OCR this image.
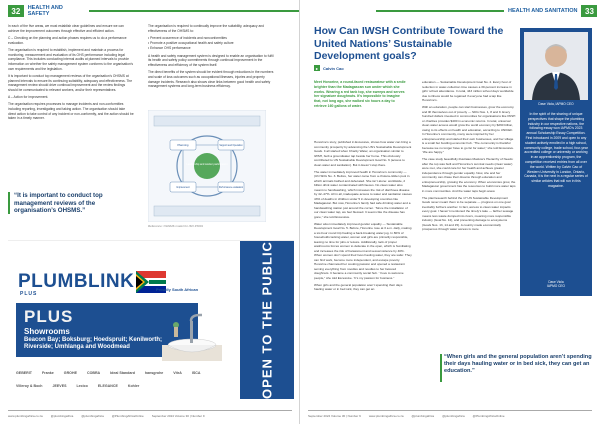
32	HEALTH AND SAFETY

In each of the five areas, we must establish clear guidelines and ensure we can achieve the improvement outcomes through effective and efficient action.

C – Checking on the planning and action phases requires us to do a performance evaluation.

The organisation is required to establish, implement and maintain a process for monitoring, measurement and evaluation of its OHS performance including legal compliance. This includes conducting internal audits at planned intervals to provide information on whether the safety management system conforms to the organisation's own requirements and the legislation.

It is important to conduct top management reviews of the organisation's OHSMS at planned intervals to ensure its continuing suitability, adequacy and effectiveness. The management review should drive continual improvement and the review findings should be communicated to relevant workers, and/or their representatives.

A – Action for improvement.

The organisation requires processes to manage incidents and non-conformities including reporting, investigating and taking action. The organisation should take direct action to take control of any incident or non-conformity, and the action should be taken in a timely manner.

“It is important to conduct top management reviews of the organisation’s OHSMS.”

The organisation is required to continually improve the suitability, adequacy and effectiveness of the OHSMS to:

• Prevent occurrence of incidents and nonconformities

• Promote a positive occupational health and safety culture

• Enhance OHS performance

A health and safety management system is designed to enable an organisation to fulfil its health and safety policy commitments through continual improvement in the effectiveness and efficiency of the system itself.

The direct benefits of the system should be evident through reductions in the numbers and scale of loss outcomes such as occupational illnesses, injuries and property damage incidents. Research also shows clear links between good health and safety management systems and long-term business efficiency.

Leadership and worker participation
Planning	Support and Operation
Improvement	Performance evaluation
Reference: OHSMS model for ISO 45001
PLUMBLINK
PLUS
Proudly South African
PLUS
Showrooms
Beacon Bay; Boksburg; Hoedspruit; Kenilworth; Riverside; Umhlanga and Woodmead	OPEN TO THE PUBLIC
GEBERIT	Franke	GROHE	COBRA	Ideal Standard	hansgrohe	VitrA	ISCA
Villeroy & Boch	JEEVES	Lecico	ELEGANCE	Kohler
www.plumbingafrica.co.za	@plumbingafrica	@plumbingafrica	@PlumbingAfricaOnline	September 2024 Volume 30 | Number 9
HEALTH AND SANITATION 33
How Can IWSH Contribute Toward the United Nations’ Sustainable Development goals?
▸	Calvin Cao
Meet Honorine, a round-faced restaurateur with a smile brighter than the Madagascan sun under which she works. Wearing a red tank top, she sweeps and serves her signature doughnuts. It’s impossible to imagine that, not long ago, she walked six hours a day to retrieve 160 gallons of water.

Honorine’s story, published in Excessive, shows how water can bring a community prosperity by advancing the UN’s Sustainable Development Goals. It all started when Charity Water, an organisation similar to IWSH, built a groundwater tap beside her home. This obviously contributed to UN Sustainable Development Goal No. 6 (access to clean water and sanitation). But it doesn’t stop there.

The water immediately improved health in Honorine’s community — (UN SDG No. 3. Before, her water came from a cholera-ridden pool in which animals bathed and defecated. She isn’t alone: worldwide, 2 billion drink water contaminated with faeces. No clean water also meant no handwashing, which increases the risk of diarrhoea disease by 42–47%. All in all, inadequate access to water and sanitation causes 43% of deaths in children under 5 in developing countries like Madagascar. But now, Honorine’s family had safe drinking water and a handwashing station just around the corner. “Since the installation of our clean water tap, we feel blessed. It seems like the disease has gone,” she told Excessive.

Water also immediately improved gender equality — Sustainable Development Goal No. 5. Before, Honorine rose at 3 a.m. daily, making a six-hour round trip hauling a back-breaking water jug. In 80% of households lacking water, women and girls are primarily responsible, leaving no time for jobs or leisure. Additionally, lack of proper washrooms forces women to defecate in the open, which is humiliating and increases the risk of harassment and sexual violence by 40%. When women don’t spend their lives hauling water, they are safer. They can find work, become more independent, and escape poverty. Honorine channeled her cooking passion and opened a restaurant serving everything from noodles and noodles to her beloved doughnuts. It became a community social hub. “I love to welcome people,” she told Excessive. “It’s my passion for business.”

When girls and the general population aren’t spending their days hauling water or in bed sick, they can get an

education — Sustainable Development Goal No. 4. Every hour of reduction in water-collection time causes a 30-percent increase in girls’ school attendance. In total, 443 million school days worldwide due to illness would be regained if everyone had a tap like Honorine’s.

With an education, people can start businesses, grow the economy and lift themselves out of poverty — SDG Nos. 1, 8 and 9. Every hundred dollars invested in communities for organisations like IWSH or charities provides $400 in economic returns. In total, universal clean water access would grow the world economy by $260 billion, owing to its effects on health and education, according to UNICEF. In Honorine’s community, many were inspired by her entrepreneurship and started their own businesses, and her village is a small but bustling economic hub. “The community is thankful because we no longer have to go far for water,” she told Excessive. “We are happy.”

The case study beautifully illustrates Maslow’s Hierarchy of Needs: after the top was built and Honorine’s survival needs (clean water) were met, she could care for her health and achieve greater independence through gender equality. Now, she and her community can chase their dreams through education and entrepreneurship, growing the economy. When economies grow, the Madagascar government has the resources to build more water taps in more communities. And the water taps begin anew.

The plan/research behind the 17 UN Sustainable Development Goals never meant them to be separate — progress on one goal inevitably furthers another. In fact, access to clean water impacts every goal. I haven’t mentioned the timely’s take — farther sewage means less waste dumped into rivers, meaning more responsible industry (Goal No. 12), and preventing damage to ecosystems (Goals Nos. 13, 14 and 15). A country made economically prosperous through water access is more

Dave Viola, IAPMO CEO
In the spirit of the sharing of unique perspectives that shape the plumbing industry in our respective nations, the following essay won IAPMO’s 2023 annual Scholarship Essay Competition. First introduced in 2009 and open to any student actively enrolled in a high school, community college, trade school, four-year accredited college or university or working in an apprenticeship program, the competition received entries from all over the world. Written by Calvin Cao of Western University in London, Ontario, Canada, it is the next in a regular series of similar articles that will run in this magazine.
Dave Viola
IAPMO CEO
“When girls and the general population aren’t spending their days hauling water or in bed sick, they can get an education.”
September 2024 Volume 30 | Number 9	www.plumbingafrica.co.za	@plumbingafrica	@plumbingafrica	@PlumbingAfricaOnline
